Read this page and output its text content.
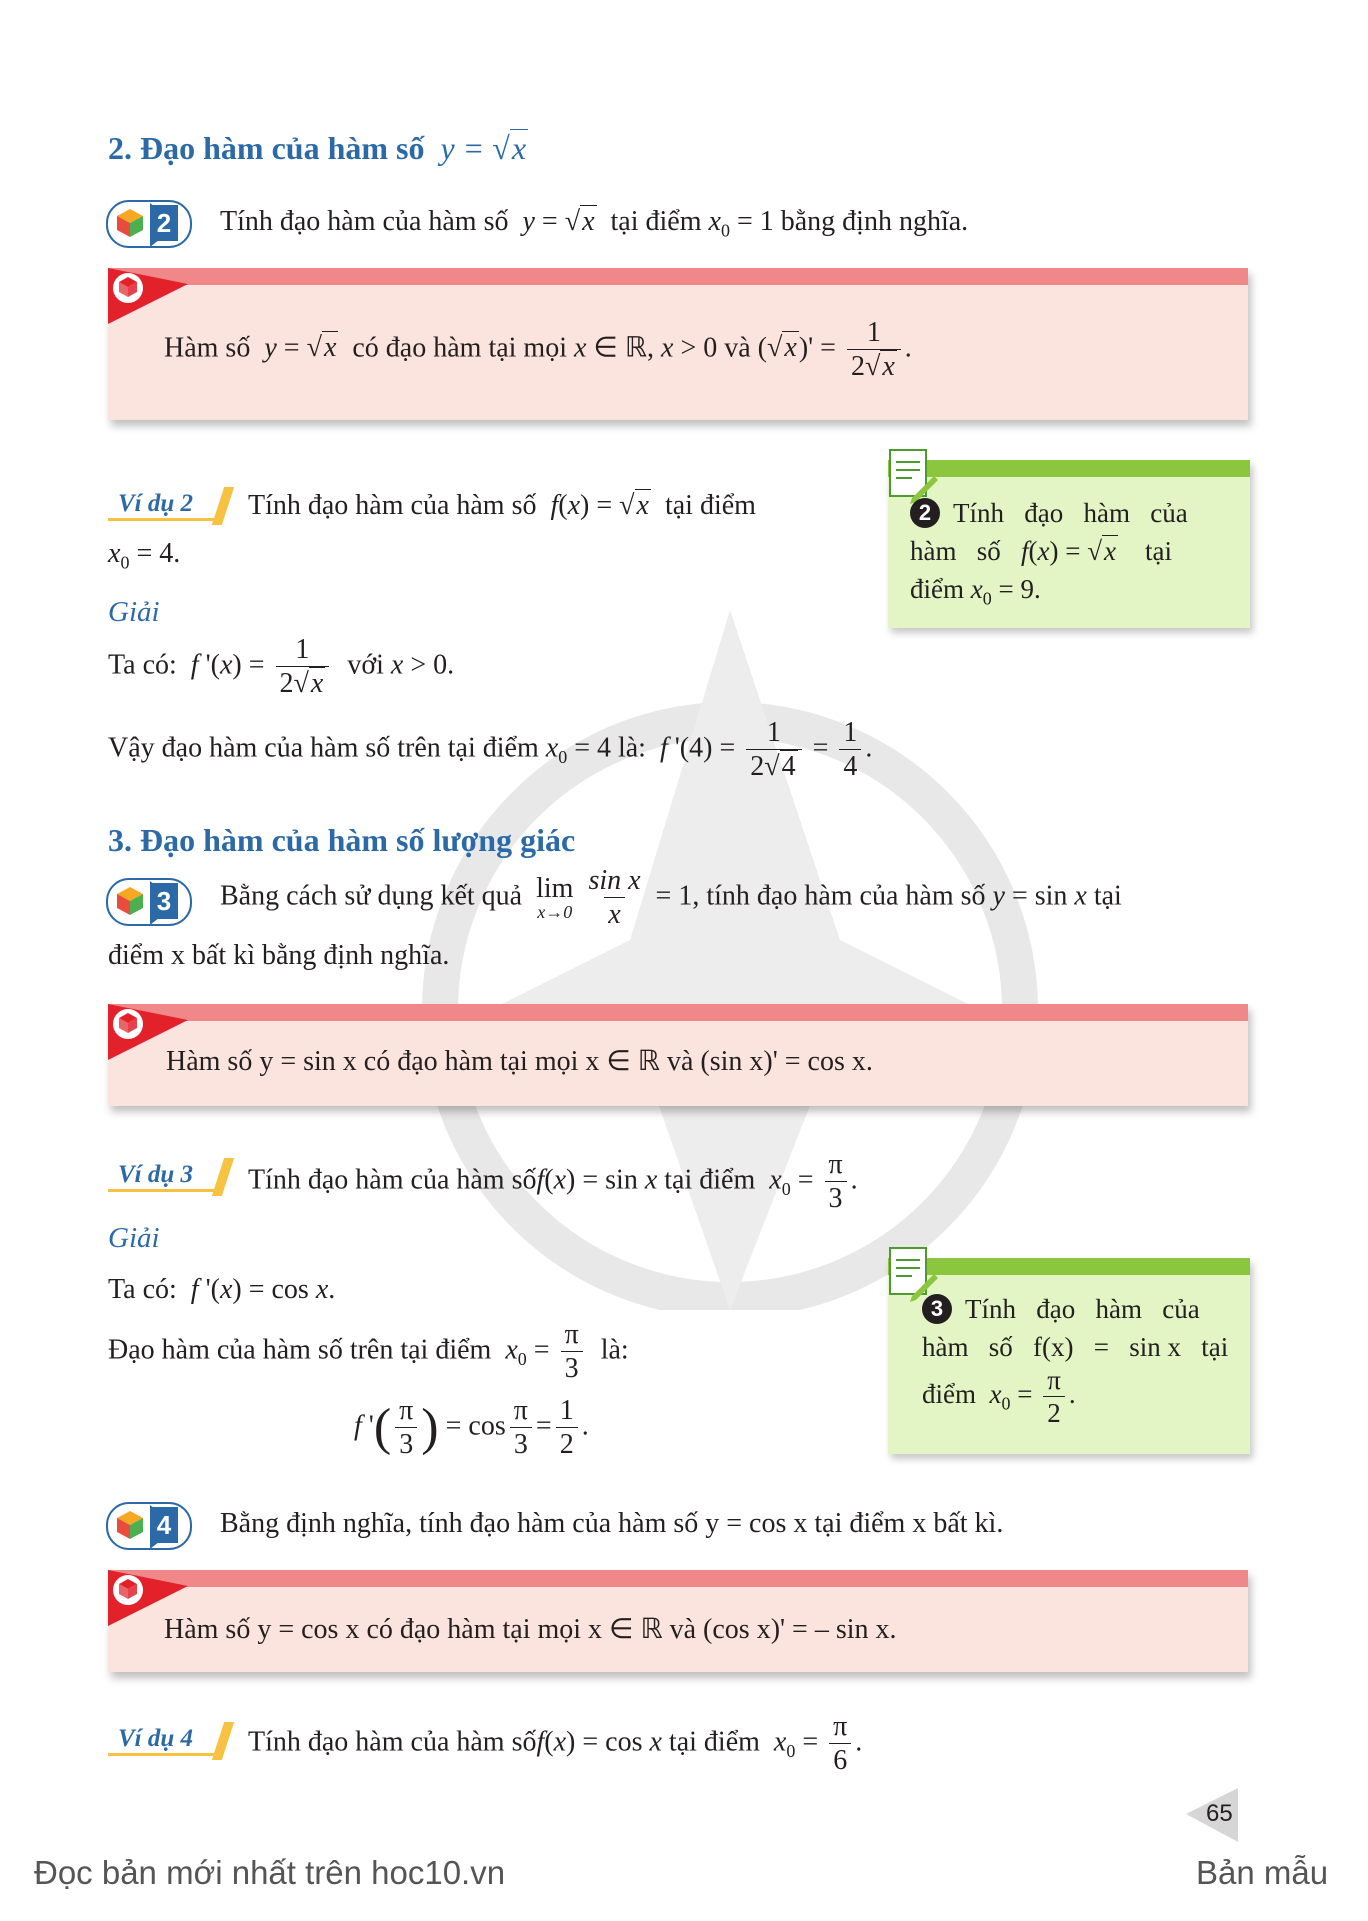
2. Đạo hàm của hàm số y = √x
2 Tính đạo hàm của hàm số y = √x tại điểm $x_0 = 1$ bằng định nghĩa.
Hàm số y = √x có đạo hàm tại mọi x ∈ ℝ, x > 0 và $(√x)' = \frac{1}{2√x}$ .
Ví dụ 2	Tính đạo hàm của hàm số f(x) = √x tại điểm
$x_0 = 4$.
Giải
Ta có: f '$(x) = \frac{1}{2√x}$ với x > 0.
Vậy đạo hàm của hàm số trên tại điểm $x_0 = 4$ là: f '$(4) = \frac{1}{2√4} = \frac{1}{4}$ .
2 Tính   đạo   hàm   của
hàm   số f(x) = √x tại
điểm $x_0 = 9$.
3. Đạo hàm của hàm số lượng giác
3 Bằng cách sử dụng kết quả lim
x→0
$\frac{\text{sin x}}{x} = 1$, tính đạo hàm của hàm số y = sin x tại
điểm x bất kì bằng định nghĩa.
Hàm số y = sin x có đạo hàm tại mọi x ∈ ℝ và (sin x)' = cos x.
Ví dụ 3	Tính đạo hàm của hàm sốf(x) = sin x tại điểm $x_0 = \frac{\pi}{3}$ .
Giải
Ta có: f '(x) = cos x.
Đạo hàm của hàm số trên tại điểm $x_0 = \frac{\pi}{3}$ là:
f '( $\frac{\pi}{3}$ ) = $\cos \frac{\pi}{3} = \frac{1}{2}$ .
3 Tính   đạo   hàm   của
hàm   số   f(x)   =   sin x   tại
điểm $x_0 = \frac{\pi}{2}$ .
4 Bằng định nghĩa, tính đạo hàm của hàm số y = cos x tại điểm x bất kì.
Hàm số y = cos x có đạo hàm tại mọi x ∈ ℝ và (cos x)' = – sin x.
Ví dụ 4	Tính đạo hàm của hàm sốf(x) = cos x tại điểm $x_0 = \frac{\pi}{6}$ .
65
Đọc bản mới nhất trên hoc10.vn	Bản mẫu
